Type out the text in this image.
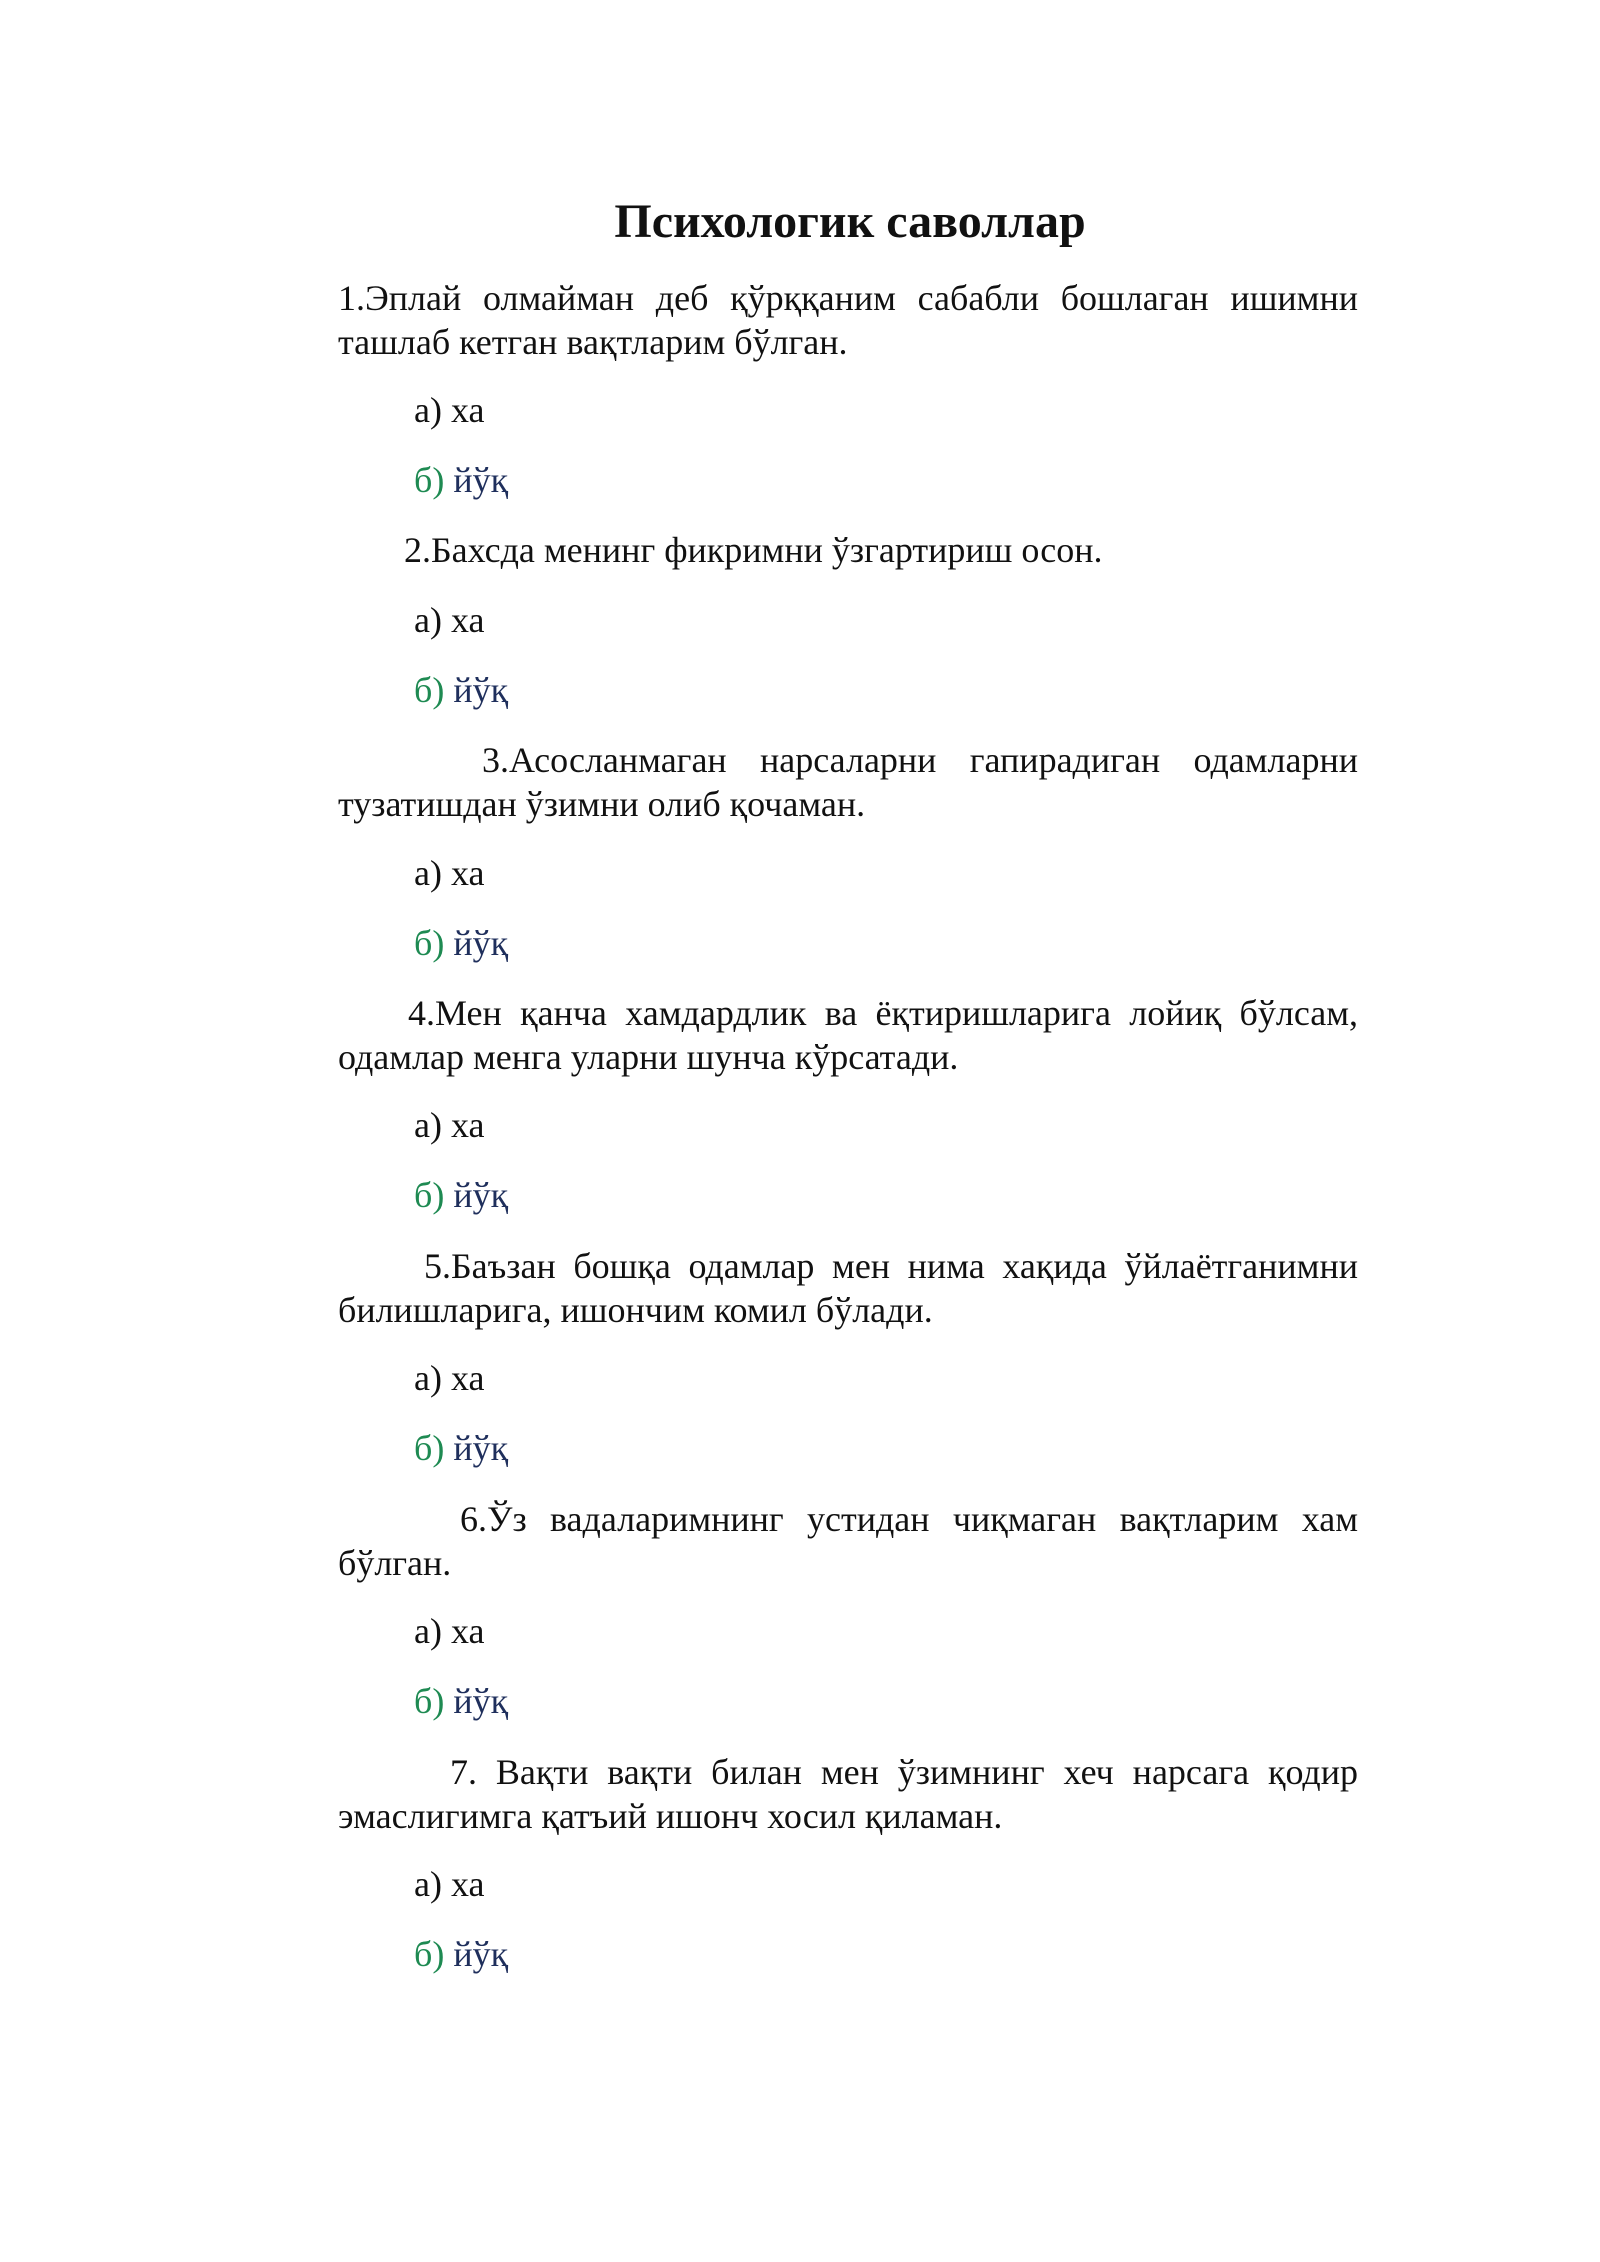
Психологик саволлар

1.Эплай олмайман деб қўрққаним сабабли бошлаган ишимни ташлаб кетган вақтларим бўлган.

а) ха

б) йўқ

2.Бахсда менинг фикримни ўзгартириш осон.

а) ха

б) йўқ

3.Асосланмаган нарсаларни гапирадиган одамларни тузатишдан ўзимни олиб қочаман.

а) ха

б) йўқ

4.Мен қанча хамдардлик ва ёқтиришларига лойиқ бўлсам, одамлар менга уларни шунча кўрсатади.

а) ха

б) йўқ

5.Баъзан бошқа одамлар мен нима хақида ўйлаётганимни билишларига, ишончим комил бўлади.

а) ха

б) йўқ

6.Ўз вадаларимнинг устидан чиқмаган вақтларим хам бўлган.

а) ха

б) йўқ

7. Вақти вақти билан мен ўзимнинг хеч нарсага қодир эмаслигимга қатъий ишонч хосил қиламан.

а) ха

б) йўқ
